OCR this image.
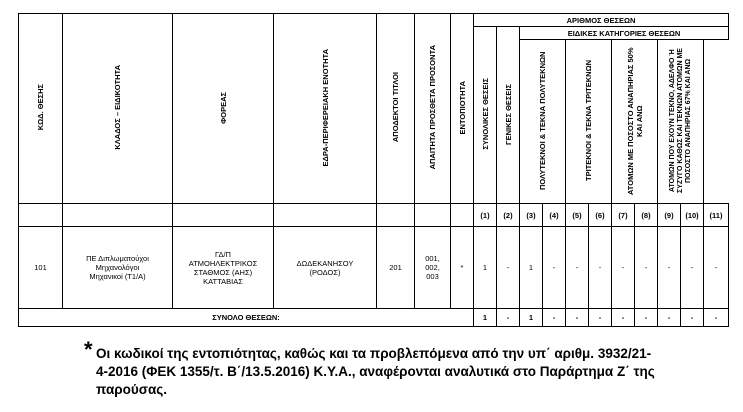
ΚΩΔ. ΘΕΣΗΣ	ΚΛΑΔΟΣ – ΕΙΔΙΚΟΤΗΤΑ	ΦΟΡΕΑΣ	ΕΔΡΑ-ΠΕΡΙΦΕΡΕΙΑΚΗ ΕΝΟΤΗΤΑ	ΑΠΟΔΕΚΤΟΙ ΤΙΤΛΟΙ	ΑΠΑΙΤΗΤΑ ΠΡΟΣΘΕΤΑ ΠΡΟΣΟΝΤΑ	ΕΝΤΟΠΙΟΤΗΤΑ	ΑΡΙΘΜΟΣ ΘΕΣΕΩΝ										
							ΣΥΝΟΛΙΚΕΣ ΘΕΣΕΙΣ	ΓΕΝΙΚΕΣ ΘΕΣΕΙΣ	ΕΙΔΙΚΕΣ ΚΑΤΗΓΟΡΙΕΣ ΘΕΣΕΩΝ								
									ΠΟΛΥΤΕΚΝΟΙ & ΤΕΚΝΑ ΠΟΛΥΤΕΚΝΩΝ		ΤΡΙΤΕΚΝΟΙ & ΤΕΚΝΑ ΤΡΙΤΕΚΝΩΝ		ΑΤΟΜΩΝ ΜΕ ΠΟΣΟΣΤΟ ΑΝΑΠΗΡΙΑΣ 50% ΚΑΙ ΑΝΩ		ΑΤΟΜΩΝ ΠΟΥ ΕΧΟΥΝ ΤΕΚΝΟ, ΑΔΕΛΦΟ Ή ΣΥΖΥΓΟ ΚΑΘΩΣ ΚΑΙ ΤΕΚΝΩΝ ΑΤΟΜΩΝ ΜΕ ΠΟΣΟΣΤΟ ΑΝΑΠΗΡΙΑΣ 67% ΚΑΙ ΑΝΩ		
							(1)	(2)	(3)	(4)	(5)	(6)	(7)	(8)	(9)	(10)	(11)
101	ΠΕ Διπλωματούχοι Μηχανολόγοι Μηχανικοί (Τ1/Α)	ΓΔ/Π ΑΤΜΟΗΛΕΚΤΡΙΚΟΣ ΣΤΑΘΜΟΣ (ΑΗΣ) ΚΑΤΤΑΒΙΑΣ	ΔΩΔΕΚΑΝΗΣΟΥ (ΡΟΔΟΣ)	201	001, 002, 003	*	1	-	1	-	-	-	-	-	-	-	-
ΣΥΝΟΛΟ ΘΕΣΕΩΝ:							1	-	1	-	-	-	-	-	-	-	-
* Οι κωδικοί της εντοπιότητας, καθώς και τα προβλεπόμενα από την υπ΄ αριθμ. 3932/21-4-2016 (ΦΕΚ 1355/τ. Β΄/13.5.2016) Κ.Υ.Α., αναφέρονται αναλυτικά στο Παράρτημα Ζ΄ της παρούσας.
